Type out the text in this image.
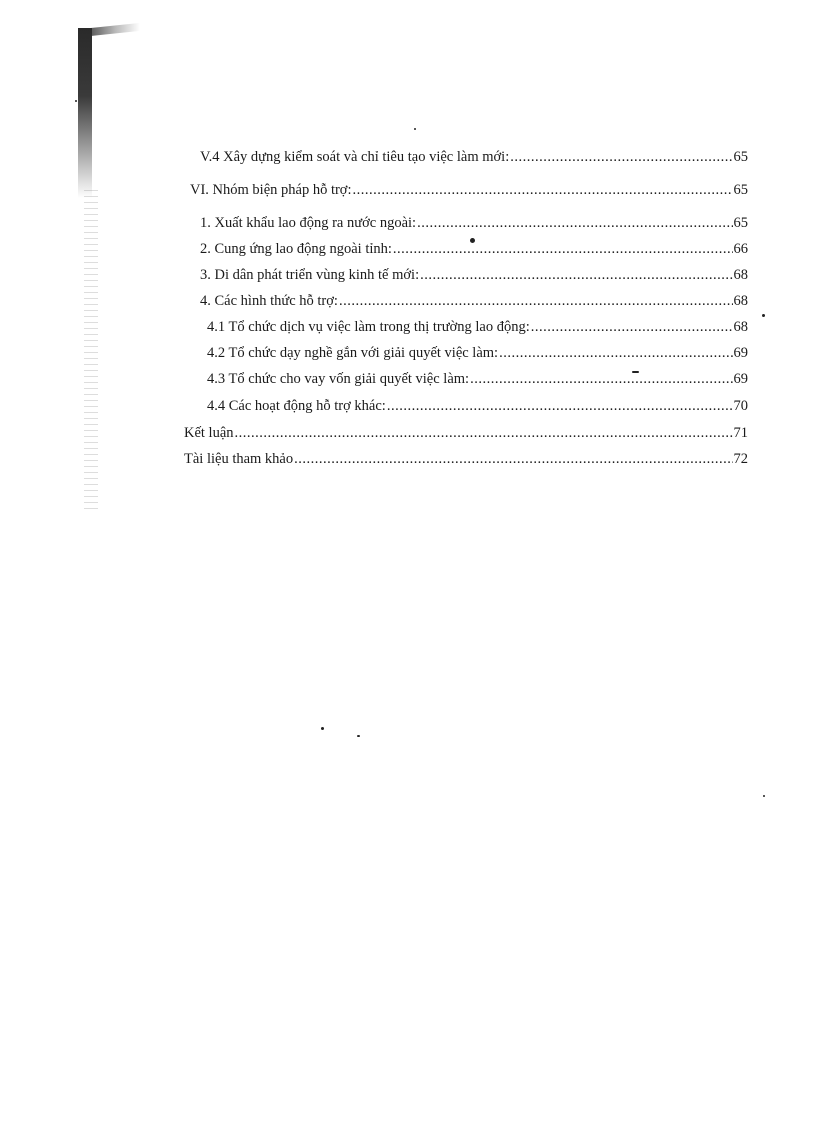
V.4 Xây dựng kiểm soát và chỉ tiêu tạo việc làm mới: .....	65
VI. Nhóm biện pháp hỗ trợ: .....	65
1. Xuất khẩu lao động ra nước ngoài: .....	65
2. Cung ứng lao động ngoài tỉnh: .....	66
3. Di dân phát triển vùng kinh tế mới: .....	68
4. Các hình thức hỗ trợ: .....	68
4.1 Tổ chức dịch vụ việc làm trong thị trường lao động: .....	68
4.2 Tổ chức dạy nghề gắn với giải quyết việc làm: .....	69
4.3 Tổ chức cho vay vốn giải quyết việc làm: .....	69
4.4 Các hoạt động hỗ trợ khác: .....	70
Kết luận .....	71
Tài liệu tham khảo .....	72
